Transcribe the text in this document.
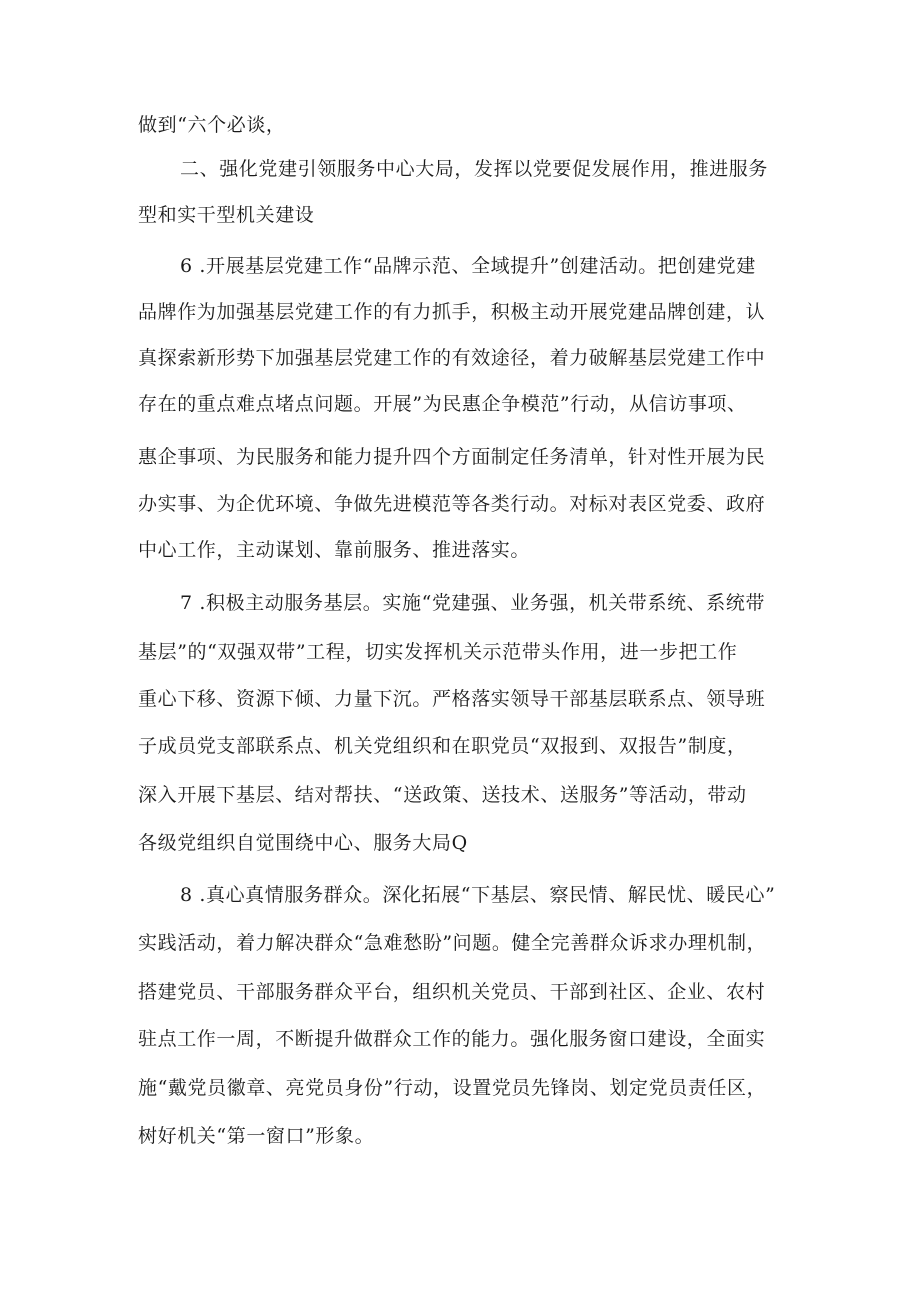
做到“六个必谈，
二、强化党建引领服务中心大局，发挥以党要促发展作用，推进服务
型和实干型机关建设
6 .开展基层党建工作“品牌示范、全域提升”创建活动。把创建党建
品牌作为加强基层党建工作的有力抓手，积极主动开展党建品牌创建，认
真探索新形势下加强基层党建工作的有效途径，着力破解基层党建工作中
存在的重点难点堵点问题。开展”为民惠企争模范”行动，从信访事项、
惠企事项、为民服务和能力提升四个方面制定任务清单，针对性开展为民
办实事、为企优环境、争做先进模范等各类行动。对标对表区党委、政府
中心工作，主动谋划、靠前服务、推进落实。
7 .积极主动服务基层。实施“党建强、业务强，机关带系统、系统带
基层”的“双强双带”工程，切实发挥机关示范带头作用，进一步把工作
重心下移、资源下倾、力量下沉。严格落实领导干部基层联系点、领导班
子成员党支部联系点、机关党组织和在职党员“双报到、双报告”制度，
深入开展下基层、结对帮扶、“送政策、送技术、送服务”等活动，带动
各级党组织自觉围绕中心、服务大局Q
8 .真心真情服务群众。深化拓展“下基层、察民情、解民忧、暖民心”
实践活动，着力解决群众“急难愁盼”问题。健全完善群众诉求办理机制，
搭建党员、干部服务群众平台，组织机关党员、干部到社区、企业、农村
驻点工作一周，不断提升做群众工作的能力。强化服务窗口建设，全面实
施“戴党员徽章、亮党员身份”行动，设置党员先锋岗、划定党员责任区，
树好机关“第一窗口”形象。
